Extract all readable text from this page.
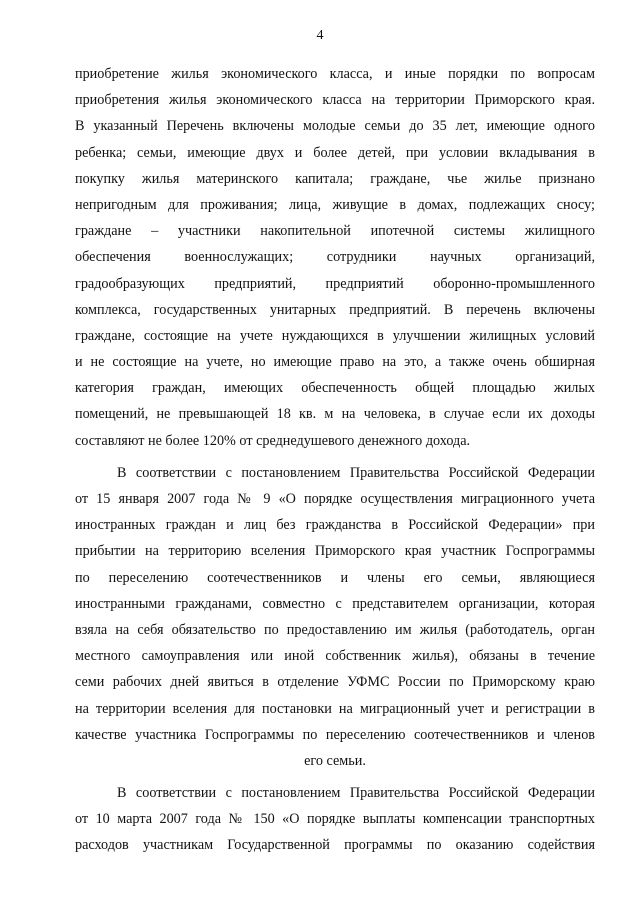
4
приобретение жилья экономического класса, и иные порядки по вопросам
приобретения жилья экономического класса на территории Приморского края.
В указанный Перечень включены молодые семьи до 35 лет, имеющие одного
ребенка; семьи, имеющие двух и более детей, при условии вкладывания в
покупку жилья материнского капитала; граждане, чье жилье признано
непригодным для проживания; лица, живущие в домах, подлежащих сносу;
граждане – участники накопительной ипотечной системы жилищного
обеспечения военнослужащих; сотрудники научных организаций,
градообразующих предприятий, предприятий оборонно-промышленного
комплекса, государственных унитарных предприятий. В перечень включены
граждане, состоящие на учете нуждающихся в улучшении жилищных условий
и не состоящие на учете, но имеющие право на это, а также очень обширная
категория граждан, имеющих обеспеченность общей площадью жилых
помещений, не превышающей 18 кв. м на человека, в случае если их доходы
составляют не более 120% от среднедушевого денежного дохода.
В соответствии с постановлением Правительства Российской Федерации
от 15 января 2007 года № 9 «О порядке осуществления миграционного учета
иностранных граждан и лиц без гражданства в Российской Федерации» при
прибытии на территорию вселения Приморского края участник Госпрограммы
по переселению соотечественников и члены его семьи, являющиеся
иностранными гражданами, совместно с представителем организации, которая
взяла на себя обязательство по предоставлению им жилья (работодатель, орган
местного самоуправления или иной собственник жилья), обязаны в течение
семи рабочих дней явиться в отделение УФМС России по Приморскому краю
на территории вселения для постановки на миграционный учет и регистрации в
качестве участника Госпрограммы по переселению соотечественников и членов
его семьи.
В соответствии с постановлением Правительства Российской Федерации
от 10 марта 2007 года № 150 «О порядке выплаты компенсации транспортных
расходов участникам Государственной программы по оказанию содействия
